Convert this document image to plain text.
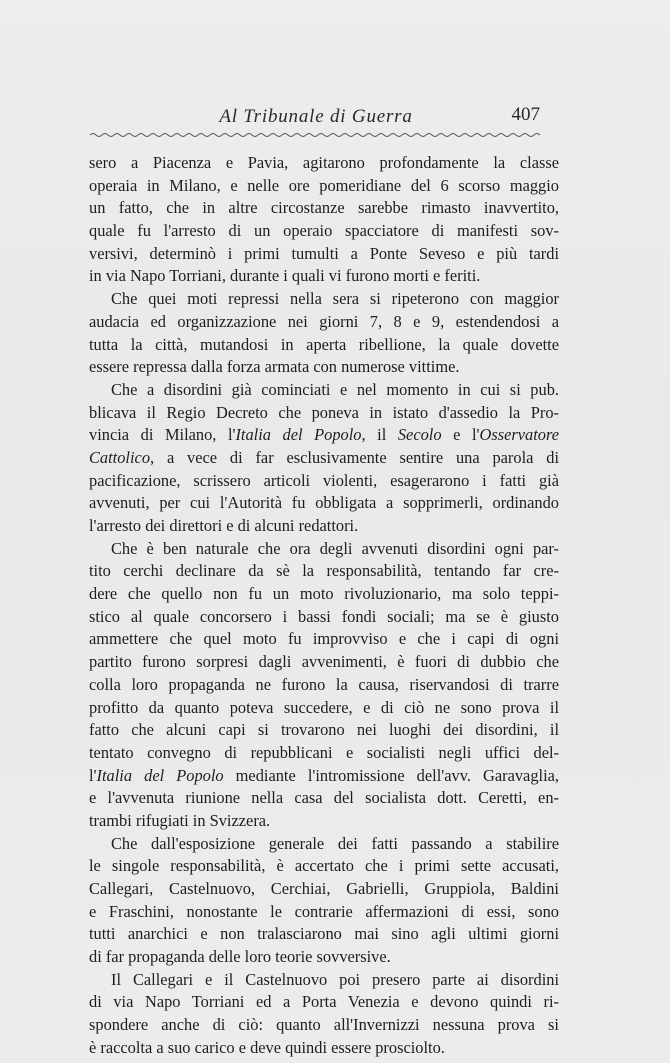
Al Tribunale di Guerra	407
sero a Piacenza e Pavia, agitarono profondamente la classe
operaia in Milano, e nelle ore pomeridiane del 6 scorso maggio
un fatto, che in altre circostanze sarebbe rimasto inavvertito,
quale fu l'arresto di un operaio spacciatore di manifesti sov-
versivi, determinò i primi tumulti a Ponte Seveso e più tardi
in via Napo Torriani, durante i quali vi furono morti e feriti.
Che quei moti repressi nella sera si ripeterono con maggior
audacia ed organizzazione nei giorni 7, 8 e 9, estendendosi a
tutta la città, mutandosi in aperta ribellione, la quale dovette
essere repressa dalla forza armata con numerose vittime.
Che a disordini già cominciati e nel momento in cui si pub.
blicava il Regio Decreto che poneva in istato d'assedio la Pro-
vincia di Milano, l'Italia del Popolo, il Secolo e l'Osservatore
Cattolico, a vece di far esclusivamente sentire una parola di
pacificazione, scrissero articoli violenti, esagerarono i fatti già
avvenuti, per cui l'Autorità fu obbligata a sopprimerli, ordinando
l'arresto dei direttori e di alcuni redattori.
Che è ben naturale che ora degli avvenuti disordini ogni par-
tito cerchi declinare da sè la responsabilità, tentando far cre-
dere che quello non fu un moto rivoluzionario, ma solo teppi-
stico al quale concorsero i bassi fondi sociali; ma se è giusto
ammettere che quel moto fu improvviso e che i capi di ogni
partito furono sorpresi dagli avvenimenti, è fuori di dubbio che
colla loro propaganda ne furono la causa, riservandosi di trarre
profitto da quanto poteva succedere, e di ciò ne sono prova il
fatto che alcuni capi si trovarono nei luoghi dei disordini, il
tentato convegno di repubblicani e socialisti negli uffici del-
l'Italia del Popolo mediante l'intromissione dell'avv. Garavaglia,
e l'avvenuta riunione nella casa del socialista dott. Ceretti, en-
trambi rifugiati in Svizzera.
Che dall'esposizione generale dei fatti passando a stabilire
le singole responsabilità, è accertato che i primi sette accusati,
Callegari, Castelnuovo, Cerchiai, Gabrielli, Gruppiola, Baldini
e Fraschini, nonostante le contrarie affermazioni di essi, sono
tutti anarchici e non tralasciarono mai sino agli ultimi giorni
di far propaganda delle loro teorie sovversive.
Il Callegari e il Castelnuovo poi presero parte ai disordini
di via Napo Torriani ed a Porta Venezia e devono quindi ri-
spondere anche di ciò: quanto all'Invernizzi nessuna prova si
è raccolta a suo carico e deve quindi essere prosciolto.
